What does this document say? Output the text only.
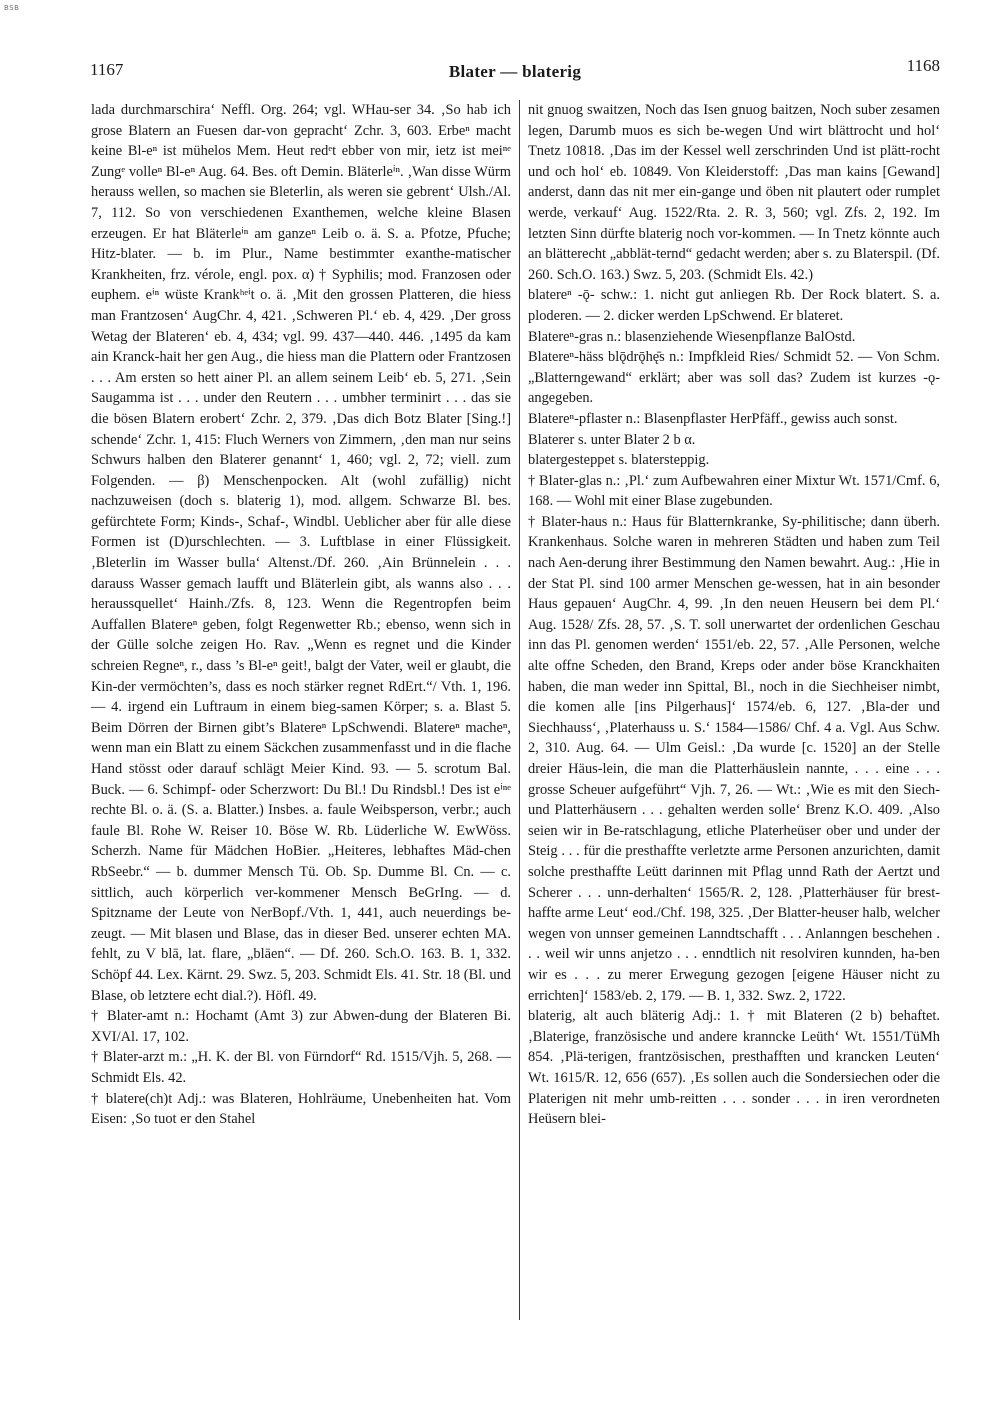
BSB
1167	Blater — blaterig	1168

lada durchmarschira‘ Neffl. Org. 264; vgl. WHau-ser 34. ‚So hab ich grose Blatern an Fuesen dar-von gepracht‘ Zchr. 3, 603. Erbeⁿ macht keine Bl-eⁿ ist mühelos Mem. Heut redᵉt ebber von mir, ietz ist meiⁿᵉ Zungᵉ volleⁿ Bl-eⁿ Aug. 64. Bes. oft Demin. Bläterleⁱⁿ. ‚Wan disse Würm herauss wellen, so machen sie Bleterlin, als weren sie gebrent‘ Ulsh./Al. 7, 112. So von verschiedenen Exanthemen, welche kleine Blasen erzeugen. Er hat Bläterleⁱⁿ am ganzeⁿ Leib o. ä. S. a. Pfotze, Pfuche; Hitz-blater. — b. im Plur., Name bestimmter exanthe-matischer Krankheiten, frz. vérole, engl. pox. α) † Syphilis; mod. Franzosen oder euphem. eⁱⁿ wüste Krankʰᵉⁱt o. ä. ‚Mit den grossen Platteren, die hiess man Frantzosen‘ AugChr. 4, 421. ‚Schweren Pl.‘ eb. 4, 429. ‚Der gross Wetag der Blateren‘ eb. 4, 434; vgl. 99. 437—440. 446. ‚1495 da kam ain Kranck-hait her gen Aug., die hiess man die Plattern oder Frantzosen . . . Am ersten so hett ainer Pl. an allem seinem Leib‘ eb. 5, 271. ‚Sein Saugamma ist . . . under den Reutern . . . umbher terminirt . . . das sie die bösen Blatern erobert‘ Zchr. 2, 379. ‚Das dich Botz Blater [Sing.!] schende‘ Zchr. 1, 415: Fluch Werners von Zimmern, ‚den man nur seins Schwurs halben den Blaterer genannt‘ 1, 460; vgl. 2, 72; viell. zum Folgenden. — β) Menschenpocken. Alt (wohl zufällig) nicht nachzuweisen (doch s. blaterig 1), mod. allgem. Schwarze Bl. bes. gefürchtete Form; Kinds-, Schaf-, Windbl. Ueblicher aber für alle diese Formen ist (D)urschlechten. — 3. Luftblase in einer Flüssigkeit. ‚Bleterlin im Wasser bulla‘ Altenst./Df. 260. ‚Ain Brünnelein . . . darauss Wasser gemach laufft und Bläterlein gibt, als wanns also . . . heraussquellet‘ Hainh./Zfs. 8, 123. Wenn die Regentropfen beim Auffallen Blatereⁿ geben, folgt Regenwetter Rb.; ebenso, wenn sich in der Gülle solche zeigen Ho. Rav. „Wenn es regnet und die Kinder schreien Regneⁿ, r., dass ’s Bl-eⁿ geit!, balgt der Vater, weil er glaubt, die Kin-der vermöchten’s, dass es noch stärker regnet RdErt.“/ Vth. 1, 196. — 4. irgend ein Luftraum in einem bieg-samen Körper; s. a. Blast 5. Beim Dörren der Birnen gibt’s Blatereⁿ LpSchwendi. Blatereⁿ macheⁿ, wenn man ein Blatt zu einem Säckchen zusammenfasst und in die flache Hand stösst oder darauf schlägt Meier Kind. 93. — 5. scrotum Bal. Buck. — 6. Schimpf- oder Scherzwort: Du Bl.! Du Rindsbl.! Des ist eⁱⁿᵉ rechte Bl. o. ä. (S. a. Blatter.) Insbes. a. faule Weibsperson, verbr.; auch faule Bl. Rohe W. Reiser 10. Böse W. Rb. Lüderliche W. EwWöss. Scherzh. Name für Mädchen HoBier. „Heiteres, lebhaftes Mäd-chen RbSeebr.“ — b. dummer Mensch Tü. Ob. Sp. Dumme Bl. Cn. — c. sittlich, auch körperlich ver-kommener Mensch BeGrIng. — d. Spitzname der Leute von NerBopf./Vth. 1, 441, auch neuerdings be-zeugt. — Mit blasen und Blase, das in dieser Bed. unserer echten MA. fehlt, zu V blā, lat. flare, „blāen“. — Df. 260. Sch.O. 163. B. 1, 332. Schöpf 44. Lex. Kärnt. 29. Swz. 5, 203. Schmidt Els. 41. Str. 18 (Bl. und Blase, ob letztere echt dial.?). Höfl. 49.

† Blater-amt n.: Hochamt (Amt 3) zur Abwen-dung der Blateren Bi. XVI/Al. 17, 102.

† Blater-arzt m.: „H. K. der Bl. von Fürndorf“ Rd. 1515/Vjh. 5, 268. — Schmidt Els. 42.

† blatere(ch)t Adj.: was Blateren, Hohlräume, Unebenheiten hat. Vom Eisen: ‚So tuot er den Stahel

nit gnuog swaitzen, Noch das Isen gnuog baitzen, Noch suber zesamen legen, Darumb muos es sich be-wegen Und wirt blättrocht und hol‘ Tnetz 10818. ‚Das im der Kessel well zerschrinden Und ist plätt-rocht und och hol‘ eb. 10849. Von Kleiderstoff: ‚Das man kains [Gewand] anderst, dann das nit mer ein-gange und öben nit plautert oder rumplet werde, verkauf‘ Aug. 1522/Rta. 2. R. 3, 560; vgl. Zfs. 2, 192. Im letzten Sinn dürfte blaterig noch vor-kommen. — In Tnetz könnte auch an blätterecht „abblät-ternd“ gedacht werden; aber s. zu Blaterspil. (Df. 260. Sch.O. 163.) Swz. 5, 203. (Schmidt Els. 42.)

blatereⁿ -ǭ- schw.: 1. nicht gut anliegen Rb. Der Rock blatert. S. a. ploderen. — 2. dicker werden LpSchwend. Er blateret.

Blatereⁿ-gras n.: blasenziehende Wiesenpflanze BalOstd.

Blatereⁿ-häss blǭdrǭhę̄s n.: Impfkleid Ries/ Schmidt 52. — Von Schm. „Blatterngewand“ erklärt; aber was soll das? Zudem ist kurzes -ǫ- angegeben.

Blatereⁿ-pflaster n.: Blasenpflaster HerPfäff., gewiss auch sonst.

Blaterer s. unter Blater 2 b α.

blatergesteppet s. blatersteppig.

† Blater-glas n.: ‚Pl.‘ zum Aufbewahren einer Mixtur Wt. 1571/Cmf. 6, 168. — Wohl mit einer Blase zugebunden.

† Blater-haus n.: Haus für Blatternkranke, Sy-philitische; dann überh. Krankenhaus. Solche waren in mehreren Städten und haben zum Teil nach Aen-derung ihrer Bestimmung den Namen bewahrt. Aug.: ‚Hie in der Stat Pl. sind 100 armer Menschen ge-wessen, hat in ain besonder Haus gepauen‘ AugChr. 4, 99. ‚In den neuen Heusern bei dem Pl.‘ Aug. 1528/ Zfs. 28, 57. ‚S. T. soll unerwartet der ordenlichen Geschau inn das Pl. genomen werden‘ 1551/eb. 22, 57. ‚Alle Personen, welche alte offne Scheden, den Brand, Kreps oder ander böse Kranckhaiten haben, die man weder inn Spittal, Bl., noch in die Siechheiser nimbt, die komen alle [ins Pilgerhaus]‘ 1574/eb. 6, 127. ‚Bla-der und Siechhauss‘, ‚Platerhauss u. S.‘ 1584—1586/ Chf. 4 a. Vgl. Aus Schw. 2, 310. Aug. 64. — Ulm Geisl.: ‚Da wurde [c. 1520] an der Stelle dreier Häus-lein, die man die Platterhäuslein nannte, . . . eine . . . grosse Scheuer aufgeführt“ Vjh. 7, 26. — Wt.: ‚Wie es mit den Siech- und Platterhäusern . . . gehalten werden solle‘ Brenz K.O. 409. ‚Also seien wir in Be-ratschlagung, etliche Platerheüser ober und under der Steig . . . für die presthaffte verletzte arme Personen anzurichten, damit solche presthaffte Leütt darinnen mit Pflag unnd Rath der Aertzt und Scherer . . . unn-derhalten‘ 1565/R. 2, 128. ‚Platterhäuser für brest-haffte arme Leut‘ eod./Chf. 198, 325. ‚Der Blatter-heuser halb, welcher wegen von unnser gemeinen Lanndtschafft . . . Anlanngen beschehen . . . weil wir unns anjetzo . . . enndtlich nit resolviren kunnden, ha-ben wir es . . . zu merer Erwegung gezogen [eigene Häuser nicht zu errichten]‘ 1583/eb. 2, 179. — B. 1, 332. Swz. 2, 1722.

blaterig, alt auch bläterig Adj.: 1. † mit Blateren (2 b) behaftet. ‚Blaterige, französische und andere kranncke Leüth‘ Wt. 1551/TüMh 854. ‚Plä-terigen, frantzösischen, presthafften und krancken Leuten‘ Wt. 1615/R. 12, 656 (657). ‚Es sollen auch die Sondersiechen oder die Platerigen nit mehr umb-reitten . . . sonder . . . in iren verordneten Heüsern blei-
